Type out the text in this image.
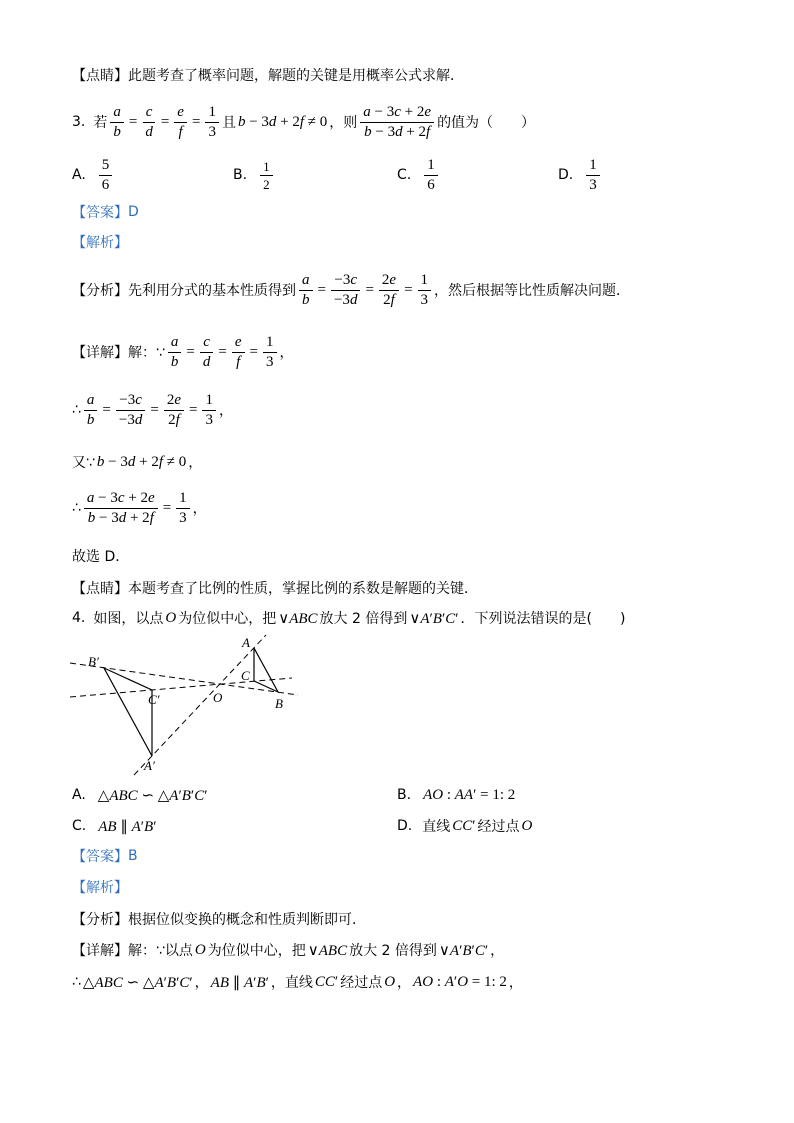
【点睛】 此题考查了概率问题，解题的关键是用概率公式求解．
3. 若 $\frac{a}{b} = \frac{c}{d} = \frac{e}{f} = \frac{1}{3}$ 且 b − 3d + 2f ≠ 0 ，则 $\frac{a - 3c + 2e}{b - 3d + 2f}$ 的值为（　　）
A. $\frac{5}{6}$	B. $\frac{1}{2}$	C. $\frac{1}{6}$	D. $\frac{1}{3}$
【答案】 D
【解析】
【分析】 先利用分式的基本性质得到 $\frac{a}{b} = \frac{-3c}{-3d} = \frac{2e}{2f} = \frac{1}{3}$ ，然后根据等比性质解决问题．
【详解】 解：∵ $\frac{a}{b} = \frac{c}{d} = \frac{e}{f} = \frac{1}{3}$ ，
∴ $\frac{a}{b} = \frac{-3c}{-3d} = \frac{2e}{2f} = \frac{1}{3}$ ，
又∵ b − 3d + 2f ≠ 0 ，
∴ $\frac{a - 3c + 2e}{b - 3d + 2f} = \frac{1}{3}$ ，
故选 D．
【点睛】 本题考查了比例的性质，掌握比例的系数是解题的关键．
4. 如图，以点 O 为位似中心，把 ∨ABC 放大 2 倍得到 ∨A′B′C′ ．下列说法错误的是(　　)
B′
C′
A′
O
A
C
B
A. △ABC ∽ △A′B′C′	B. AO : AA′ = 1: 2
C. AB ∥ A′B′	D. 直线 CC′ 经过点 O
【答案】 B
【解析】
【分析】 根据位似变换的概念和性质判断即可．
【详解】 解：∵以点 O 为位似中心，把 ∨ABC 放大 2 倍得到 ∨A′B′C′ ，
∴ △ABC ∽ △A′B′C′ ， AB ∥ A′B′ ，直线 CC′ 经过点 O ， AO : A′O = 1: 2 ，
